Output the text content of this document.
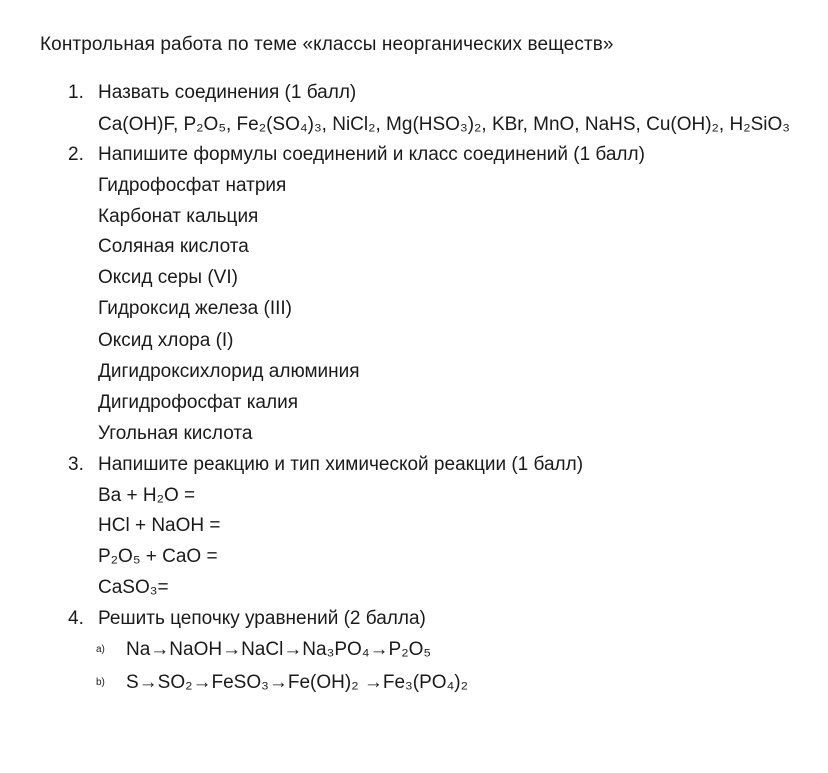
Контрольная работа по теме «классы неорганических веществ»
1. Назвать соединения (1 балл)
Ca(OH)F, P₂O₅, Fe₂(SO₄)₃, NiCl₂, Mg(HSO₃)₂, KBr, MnO, NaHS, Cu(OH)₂, H₂SiO₃
2. Напишите формулы соединений и класс соединений (1 балл)
Гидрофосфат натрия
Карбонат кальция
Соляная кислота
Оксид серы (VI)
Гидроксид железа (III)
Оксид хлора (I)
Дигидроксихлорид алюминия
Дигидрофосфат калия
Угольная кислота
3. Напишите реакцию и тип химической реакции (1 балл)
Ba + H₂O =
HCl + NaOH =
P₂O₅ + CaO =
CaSO₃=
4. Решить цепочку уравнений (2 балла)
a) Na→NaOH→NaCl→Na₃PO₄→P₂O₅
b) S→SO₂→FeSO₃→Fe(OH)₂ →Fe₃(PO₄)₂
